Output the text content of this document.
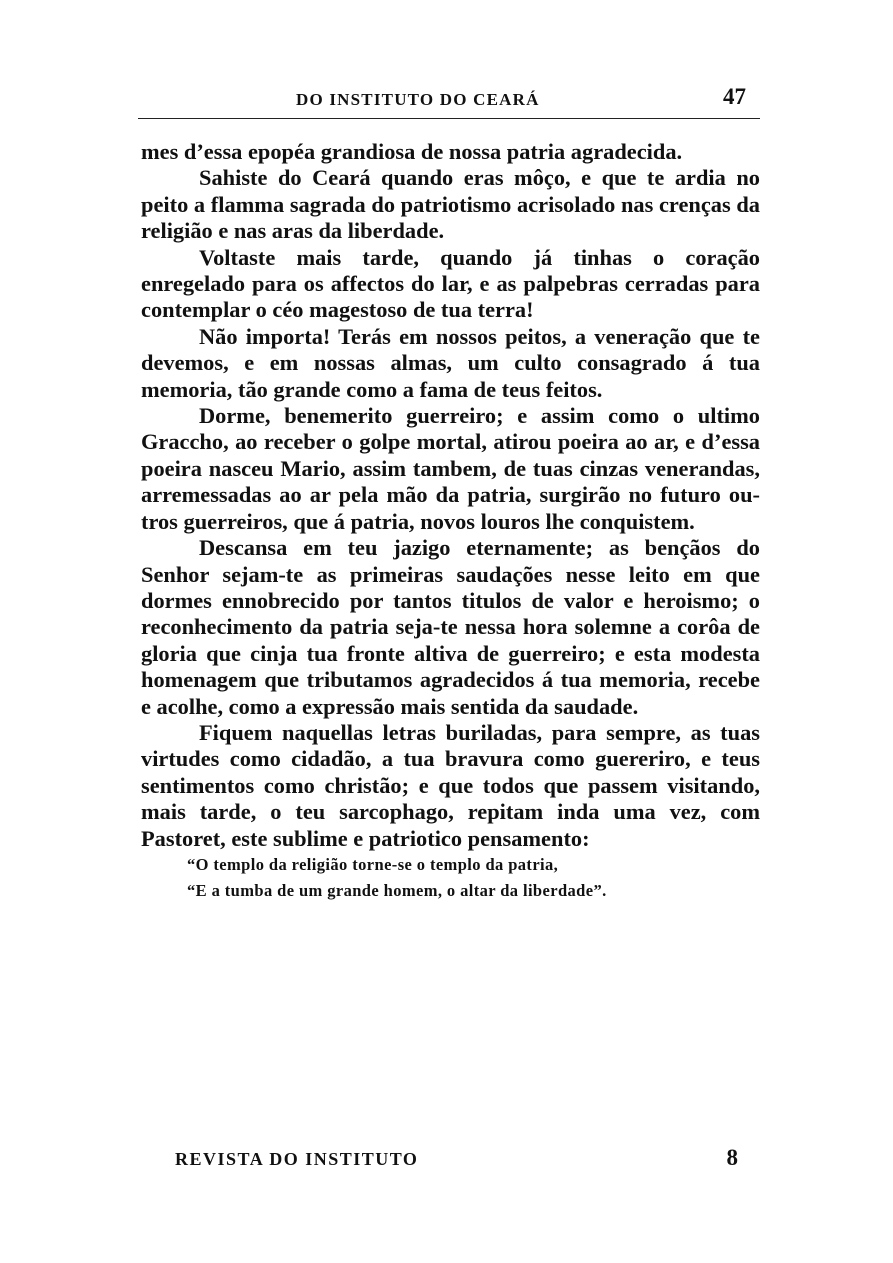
DO INSTITUTO DO CEARÁ	47

mes d’essa epopéa grandiosa de nossa patria agradecida.

Sahiste do Ceará quando eras môço, e que te ardia no peito a flamma sagrada do patriotismo acrisolado nas crenças da religião e nas aras da liberdade.

Voltaste mais tarde, quando já tinhas o coração enregelado para os affectos do lar, e as palpebras cerradas para contemplar o céo magestoso de tua terra!

Não importa! Terás em nossos peitos, a veneração que te devemos, e em nossas almas, um culto consagrado á tua memoria, tão grande como a fama de teus feitos.

Dorme, benemerito guerreiro; e assim como o ultimo Graccho, ao receber o golpe mortal, atirou poeira ao ar, e d’essa poeira nasceu Mario, assim tambem, de tuas cinzas venerandas, arremessadas ao ar pela mão da patria, surgirão no futuro outros guerreiros, que á patria, novos louros lhe conquistem.

Descansa em teu jazigo eternamente; as bençãos do Senhor sejam-te as primeiras saudações nesse leito em que dormes ennobrecido por tantos titulos de valor e heroismo; o reconhecimento da patria seja-te nessa hora solemne a corôa de gloria que cinja tua fronte altiva de guerreiro; e esta modesta homenagem que tributamos agradecidos á tua memoria, recebe e acolhe, como a expressão mais sentida da saudade.

Fiquem naquellas letras buriladas, para sempre, as tuas virtudes como cidadão, a tua bravura como guereriro, e teus sentimentos como christão; e que todos que passem visitando, mais tarde, o teu sarcophago, repitam inda uma vez, com Pastoret, este sublime e patriotico pensamento:

“O templo da religião torne-se o templo da patria,

“E a tumba de um grande homem, o altar da liberdade”.

REVISTA DO INSTITUTO	8
